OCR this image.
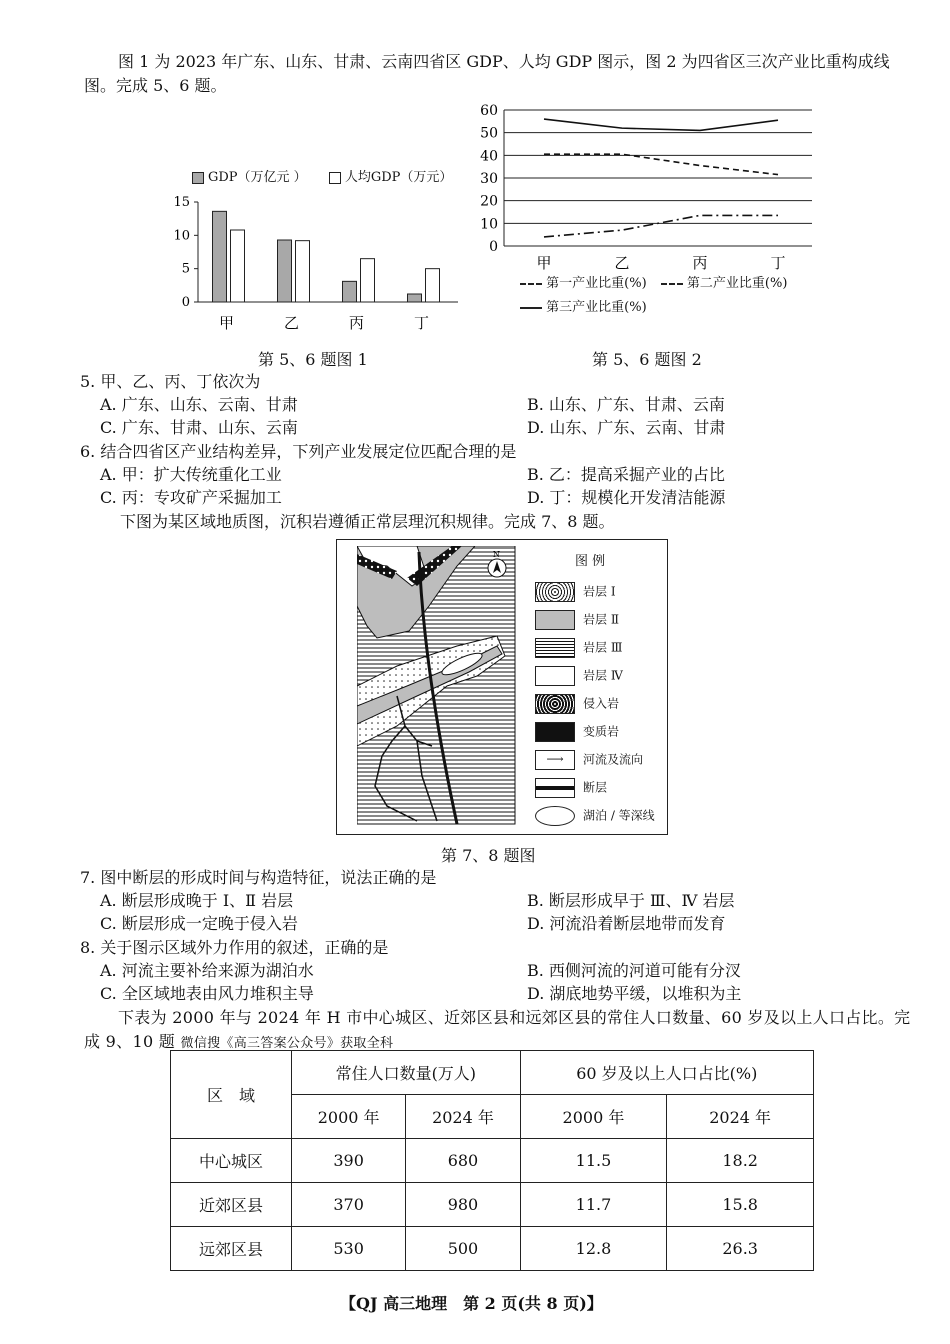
图 1 为 2023 年广东、山东、甘肃、云南四省区 GDP、人均 GDP 图示，图 2 为四省区三次产业比重构成线图。完成 5、6 题。
GDP（万亿元 ）	人均GDP（万元）
0
5
10
15
甲	乙	丙	丁
第 5、6 题图 1
0
10
20
30
40
50
60
甲	乙	丙	丁
第一产业比重(%)	第二产业比重(%)
第三产业比重(%)
第 5、6 题图 2
5. 甲、乙、丙、丁依次为
A. 广东、山东、云南、甘肃	B. 山东、广东、甘肃、云南
C. 广东、甘肃、山东、云南	D. 山东、广东、云南、甘肃
6. 结合四省区产业结构差异，下列产业发展定位匹配合理的是
A. 甲：扩大传统重化工业	B. 乙：提高采掘产业的占比
C. 丙：专攻矿产采掘加工	D. 丁：规模化开发清洁能源
下图为某区域地质图，沉积岩遵循正常层理沉积规律。完成 7、8 题。
N	图 例
岩层 Ⅰ
岩层 Ⅱ
岩层 Ⅲ
岩层 Ⅳ
侵入岩
变质岩
⟶ 河流及流向
断层
湖泊 / 等深线
第 7、8 题图
7. 图中断层的形成时间与构造特征，说法正确的是
A. 断层形成晚于 Ⅰ、Ⅱ 岩层	B. 断层形成早于 Ⅲ、Ⅳ 岩层
C. 断层形成一定晚于侵入岩	D. 河流沿着断层地带而发育
8. 关于图示区域外力作用的叙述，正确的是
A. 河流主要补给来源为湖泊水	B. 西侧河流的河道可能有分汊
C. 全区域地表由风力堆积主导	D. 湖底地势平缓，以堆积为主
下表为 2000 年与 2024 年 H 市中心城区、近郊区县和远郊区县的常住人口数量、60 岁及以上人口占比。完成 9、10 题 微信搜《高三答案公众号》获取全科
区　域	常住人口数量(万人)		60 岁及以上人口占比(%)	
	2000 年	2024 年	2000 年	2024 年
中心城区	390	680	11.5	18.2
近郊区县	370	980	11.7	15.8
远郊区县	530	500	12.8	26.3
【QJ 高三地理　第 2 页(共 8 页)】
